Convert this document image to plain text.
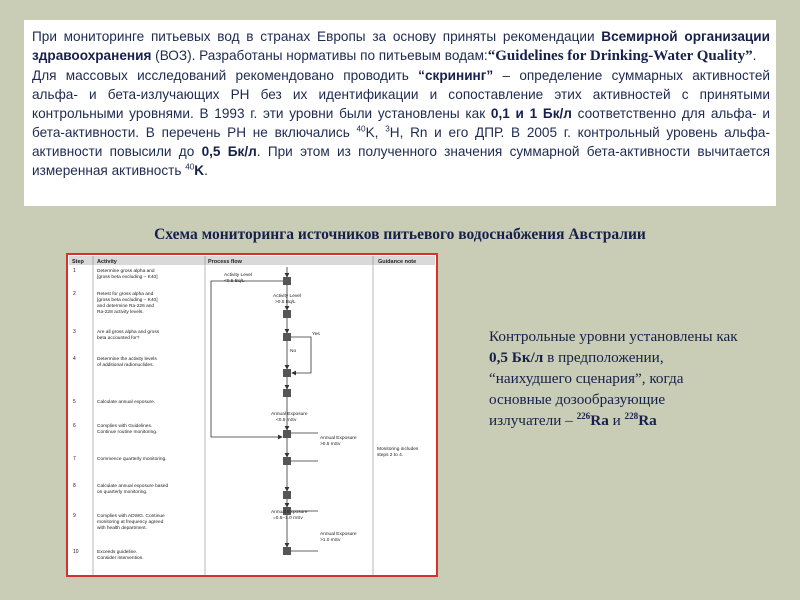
При мониторинге питьевых вод в странах Европы за основу приняты рекомендации Всемирной организации здравоохранения (ВОЗ). Разработаны нормативы по питьевым водам:“Guidelines for Drinking-Water Quality”.

Для массовых исследований рекомендовано проводить “скрининг” – определение суммарных активностей альфа- и бета-излучающих РН без их идентификации и сопоставление этих активностей с принятыми контрольными уровнями. В 1993 г. эти уровни были установлены как 0,1 и 1 Бк/л соответственно для альфа- и бета-активности. В перечень РН не включались $^{40}$K, $^3$H, Rn и его ДПР. В 2005 г. контрольный уровень альфа-активности повысили до 0,5 Бк/л. При этом из полученного значения суммарной бета-активности вычитается измеренная активность $^{40}$K.

Схема мониторинга источников питьевого водоснабжения Австралии
Step Activity	Process flow	Guidance note
1	Determine gross alpha and
[gross beta excluding – K40]
2	Retest for gross alpha and
[gross beta excluding – K40]
and determine Ra-226 and
Ra-228 activity levels.
3	Are all gross alpha and gross
beta accounted for?
4	Determine the activity levels
of additional radionuclides.
5	Calculate annual exposure.
6	Complies with Guidelines.
Continue routine monitoring.
7	Commence quarterly monitoring.
8	Calculate annual exposure based
on quarterly monitoring.
9	Complies with ADWG. Continue
monitoring at frequency agreed
with health department.
10	Exceeds guideline.
Consider intervention.
Activity Level
<0.5 Bq/L
Activity Level
>0.5 Bq/L
Yes
No
Annual Exposure
<0.5 mSv
Annual Exposure
>0.5 mSv
Annual Exposure
=0.5–1.0 mSv
Annual Exposure
>1.0 mSv
Monitoring includes
steps 2 to 4.
Контрольные уровни установлены как 0,5 Бк/л в предположении, “наихудшего сценария”, когда основные дозообразующие излучатели – $^{226}$Ra и $^{228}$Ra
